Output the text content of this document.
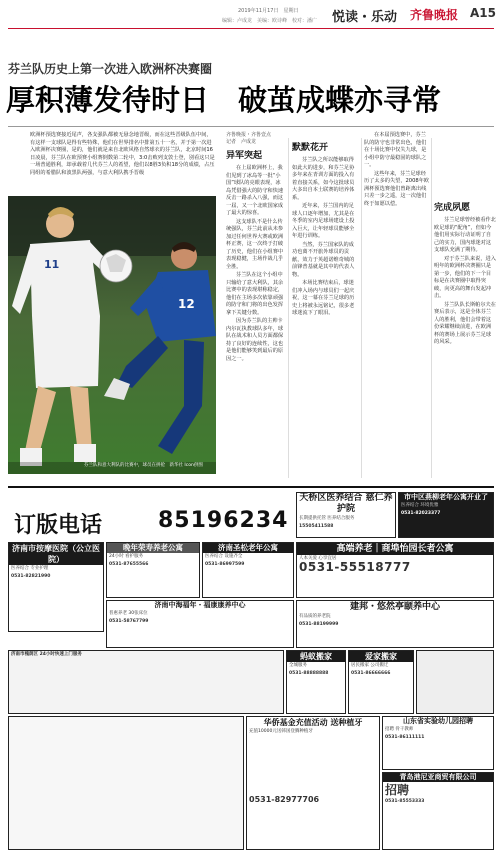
2019年11月17日　星期日
编辑：卢成龙　美编：欧诗峰　校对：潘广 悦读・乐动 齐鲁晚报 A15
芬兰队历史上第一次进入欧洲杯决赛圈
厚积薄发待时日　破茧成蝶亦寻常
欧洲杯预选赛接近尾声，各支强队都被无悬念地晋级，而在这些晋级队伍中间，有这样一支球队是得有些特殊，他们在世界排名中排第五十一名，并于第一次进入欧洲杯决赛圈，是的，他们就是来自北欧风格自然球衣的芬兰队，北京时间16日凌晨，芬兰队在欧预赛小组赛倒数第二轮中，3:0击败列支敦士登，别看这只是一场普通胜利，却承载着几代芬兰人的希望，他们以8胜3负积18分的成绩，占压同组的希腊队和波黑队两强，与意大利队携手晋级
11
12
芬兰队和意大利队的比赛中，球员在拼抢　新华社 Icon供图
齐鲁晚报・齐鲁壹点
记者　卢成龙
异军突起

在上届欧洲杯上，我们见到了冰岛等一批“小国”球队的亮眼表现，冰岛凭借强大的防守和快速反击一路杀入八强，而这一届，又一个北欧国家成了最大的惊喜。

这支球队不是什么传统强队，芬兰此前从未参加过任何世界大赛或欧洲杯正赛，这一次终于打破了历史，他们在小组赛中表现稳健，主场作战几乎全胜。

芬兰队在这个小组中只输给了意大利队，其余比赛中的表现堪称稳定，他们在主场多次依靠顽强的防守和门将的出色发挥拿下关键分数。

因为芬兰队的主帅卡内尔瓦执教球队多年，球队在战术和人员方面都保持了良好的连续性，这也是他们能够笑到最后的原因之一。

默默花开

芬兰队之所以能够取得如此大的进步，和芬兰足协多年来在青训方面的投入有着直接关系，如今这批球员大多出自本土联赛的培养体系。

近年来，芬兰国内的足球人口逐年增加，尤其是在冬季的室内足球场建设上投入巨大，让年轻球员能够全年进行训练。

当然，芬兰国家队的成功也离不开旅外球员的贡献，效力于英超诺维奇城的前锋普基就是其中的代表人物。

本场比赛结束后，球迷们冲入场内与球员们一起庆祝，这一幕在芬兰足球的历史上将被永远铭记，很多老球迷流下了眼泪。

在本届预选赛中，芬兰队的防守也非常出色，他们在十场比赛中仅失九球，是小组中防守最稳固的球队之一。

这些年来，芬兰足球经历了太多的失望，2008年欧洲杯预选赛他们曾距离出线只差一步之遥，这一次他们终于如愿以偿。	完成夙愿

芬兰足球曾经被看作北欧足球的“配角”，但如今他们用实际行动证明了自己的实力，国内球迷对这支球队充满了期待。

对于芬兰队来说，进入明年的欧洲杯决赛圈只是第一步，他们的下一个目标是在决赛圈中取得突破，向更高的舞台发起冲击。

芬兰队队长斯帕尔夫在赛后表示，这是全体芬兰人的胜利，他们会带着这份荣耀继续前进，在欧洲杯的赛场上展示芬兰足球的风采。

订版电话	85196234
天桥区医养结合 慈仁养护院
长期提供托管 医养结合服务
15505411588
市中区燕柳老年公寓开业了
医养结合 环境优雅
0531-82023377
济南市按摩医院（公立医院）
医养结合 专业护理
0531-82821990
晚年荣寿养老公寓
24小时 看护服务
0531-87655566
济南圣松老年公寓
医养结合 设施齐全
0531-86997599
高端养老｜商埠怡园长者公寓
人本关爱 心享宜居
0531-55518777
济南中海福年・福康康养中心
普惠养老 30张床位
0531-58767799
建邦・悠然亭颐养中心
有品质的养老院
0531-88199999
济南市槐荫区 24小时快速上门服务	蚂蚁搬家
全城服务
0531-88888888
爱家搬家
居民搬家 公司搬迁
0531-86666666
华侨基金充值活动 送种植牙
充值10000元送韩国登腾种植牙
0531-82977706
山东省实验幼儿园招聘
招聘 骨干教师
0531-86111111
青岛港尼亚商贸有限公司
招聘
0531-85553333
